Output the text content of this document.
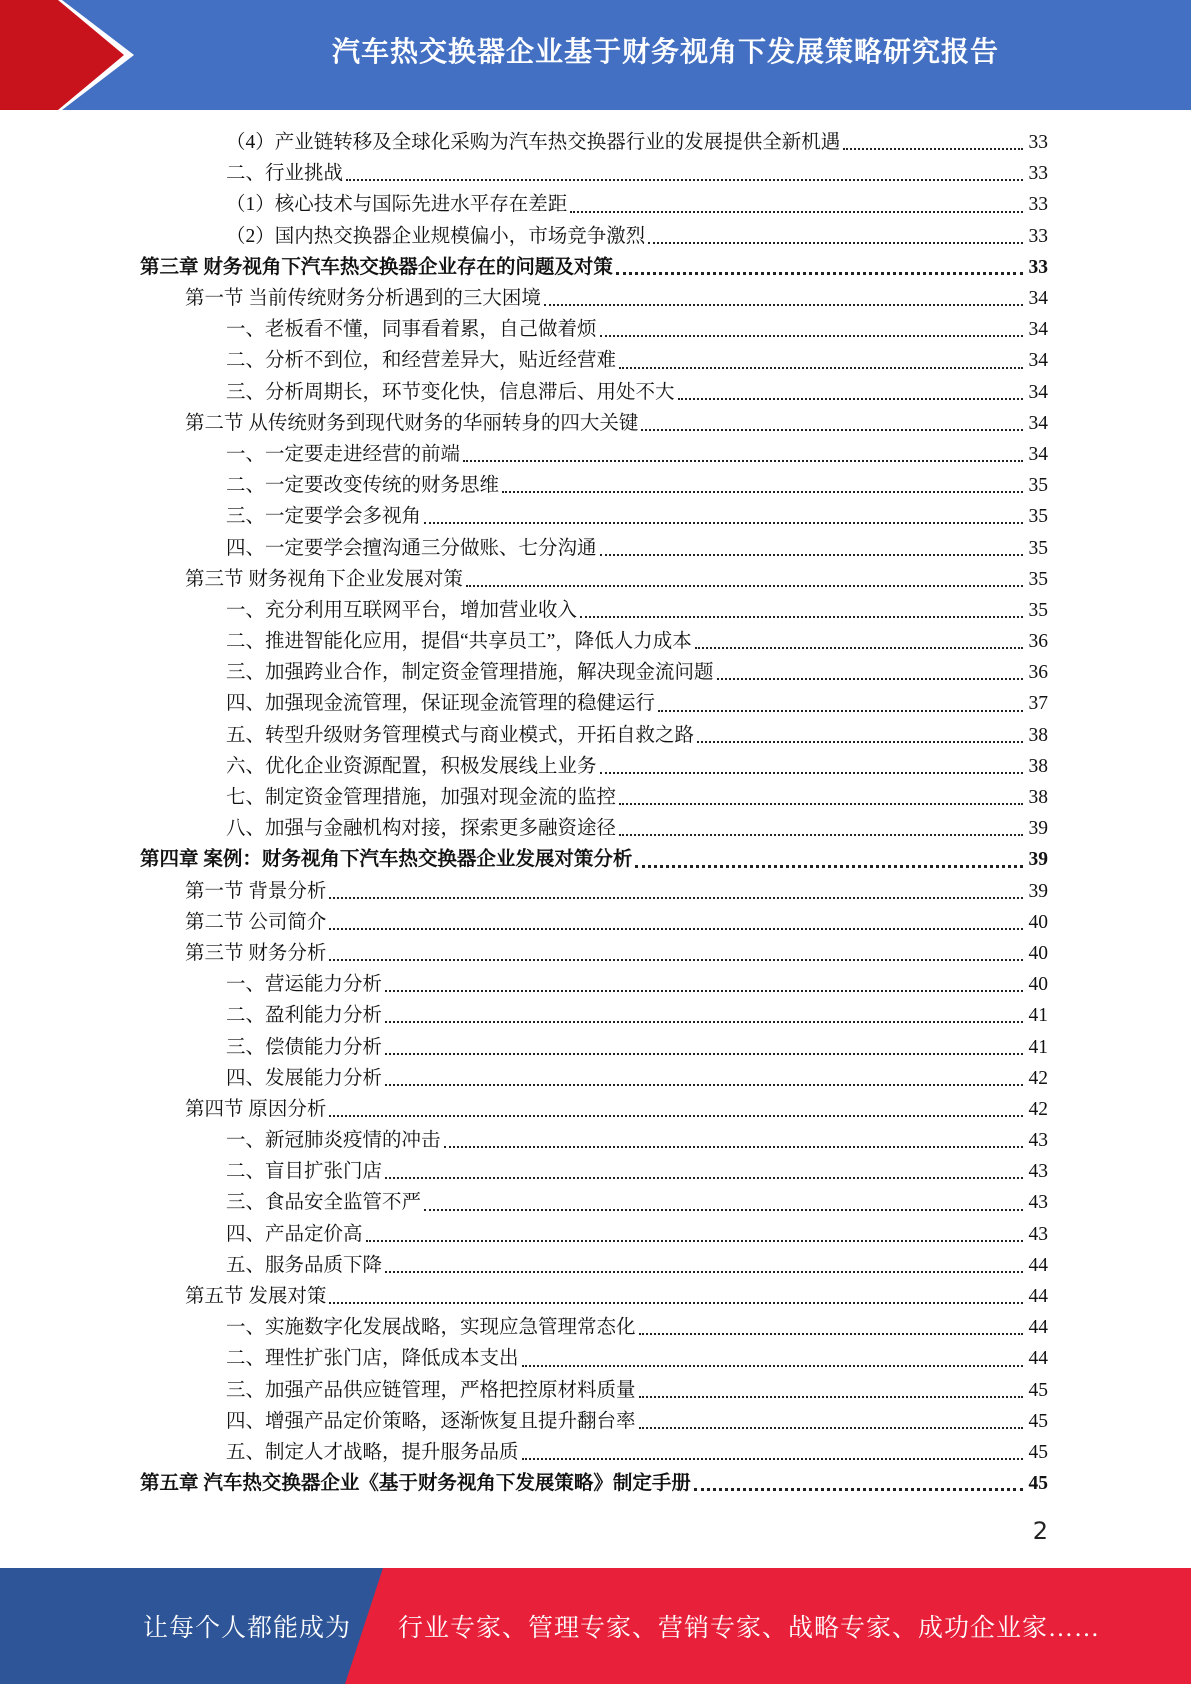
汽车热交换器企业基于财务视角下发展策略研究报告
（4）产业链转移及全球化采购为汽车热交换器行业的发展提供全新机遇	33
二、行业挑战	33
（1）核心技术与国际先进水平存在差距	33
（2）国内热交换器企业规模偏小，市场竞争激烈	33
第三章 财务视角下汽车热交换器企业存在的问题及对策	33
第一节 当前传统财务分析遇到的三大困境	34
一、老板看不懂，同事看着累，自己做着烦	34
二、分析不到位，和经营差异大，贴近经营难	34
三、分析周期长，环节变化快，信息滞后、用处不大	34
第二节 从传统财务到现代财务的华丽转身的四大关键	34
一、一定要走进经营的前端	34
二、一定要改变传统的财务思维	35
三、一定要学会多视角	35
四、一定要学会擅沟通三分做账、七分沟通	35
第三节 财务视角下企业发展对策	35
一、充分利用互联网平台，增加营业收入	35
二、推进智能化应用，提倡“共享员工”，降低人力成本	36
三、加强跨业合作，制定资金管理措施，解决现金流问题	36
四、加强现金流管理，保证现金流管理的稳健运行	37
五、转型升级财务管理模式与商业模式，开拓自救之路	38
六、优化企业资源配置，积极发展线上业务	38
七、制定资金管理措施，加强对现金流的监控	38
八、加强与金融机构对接，探索更多融资途径	39
第四章 案例：财务视角下汽车热交换器企业发展对策分析	39
第一节 背景分析	39
第二节 公司简介	40
第三节 财务分析	40
一、营运能力分析	40
二、盈利能力分析	41
三、偿债能力分析	41
四、发展能力分析	42
第四节 原因分析	42
一、新冠肺炎疫情的冲击	43
二、盲目扩张门店	43
三、食品安全监管不严	43
四、产品定价高	43
五、服务品质下降	44
第五节 发展对策	44
一、实施数字化发展战略，实现应急管理常态化	44
二、理性扩张门店，降低成本支出	44
三、加强产品供应链管理，严格把控原材料质量	45
四、增强产品定价策略，逐渐恢复且提升翻台率	45
五、制定人才战略，提升服务品质	45
第五章 汽车热交换器企业《基于财务视角下发展策略》制定手册	45
2
让每个人都能成为 行业专家、管理专家、营销专家、战略专家、成功企业家……
